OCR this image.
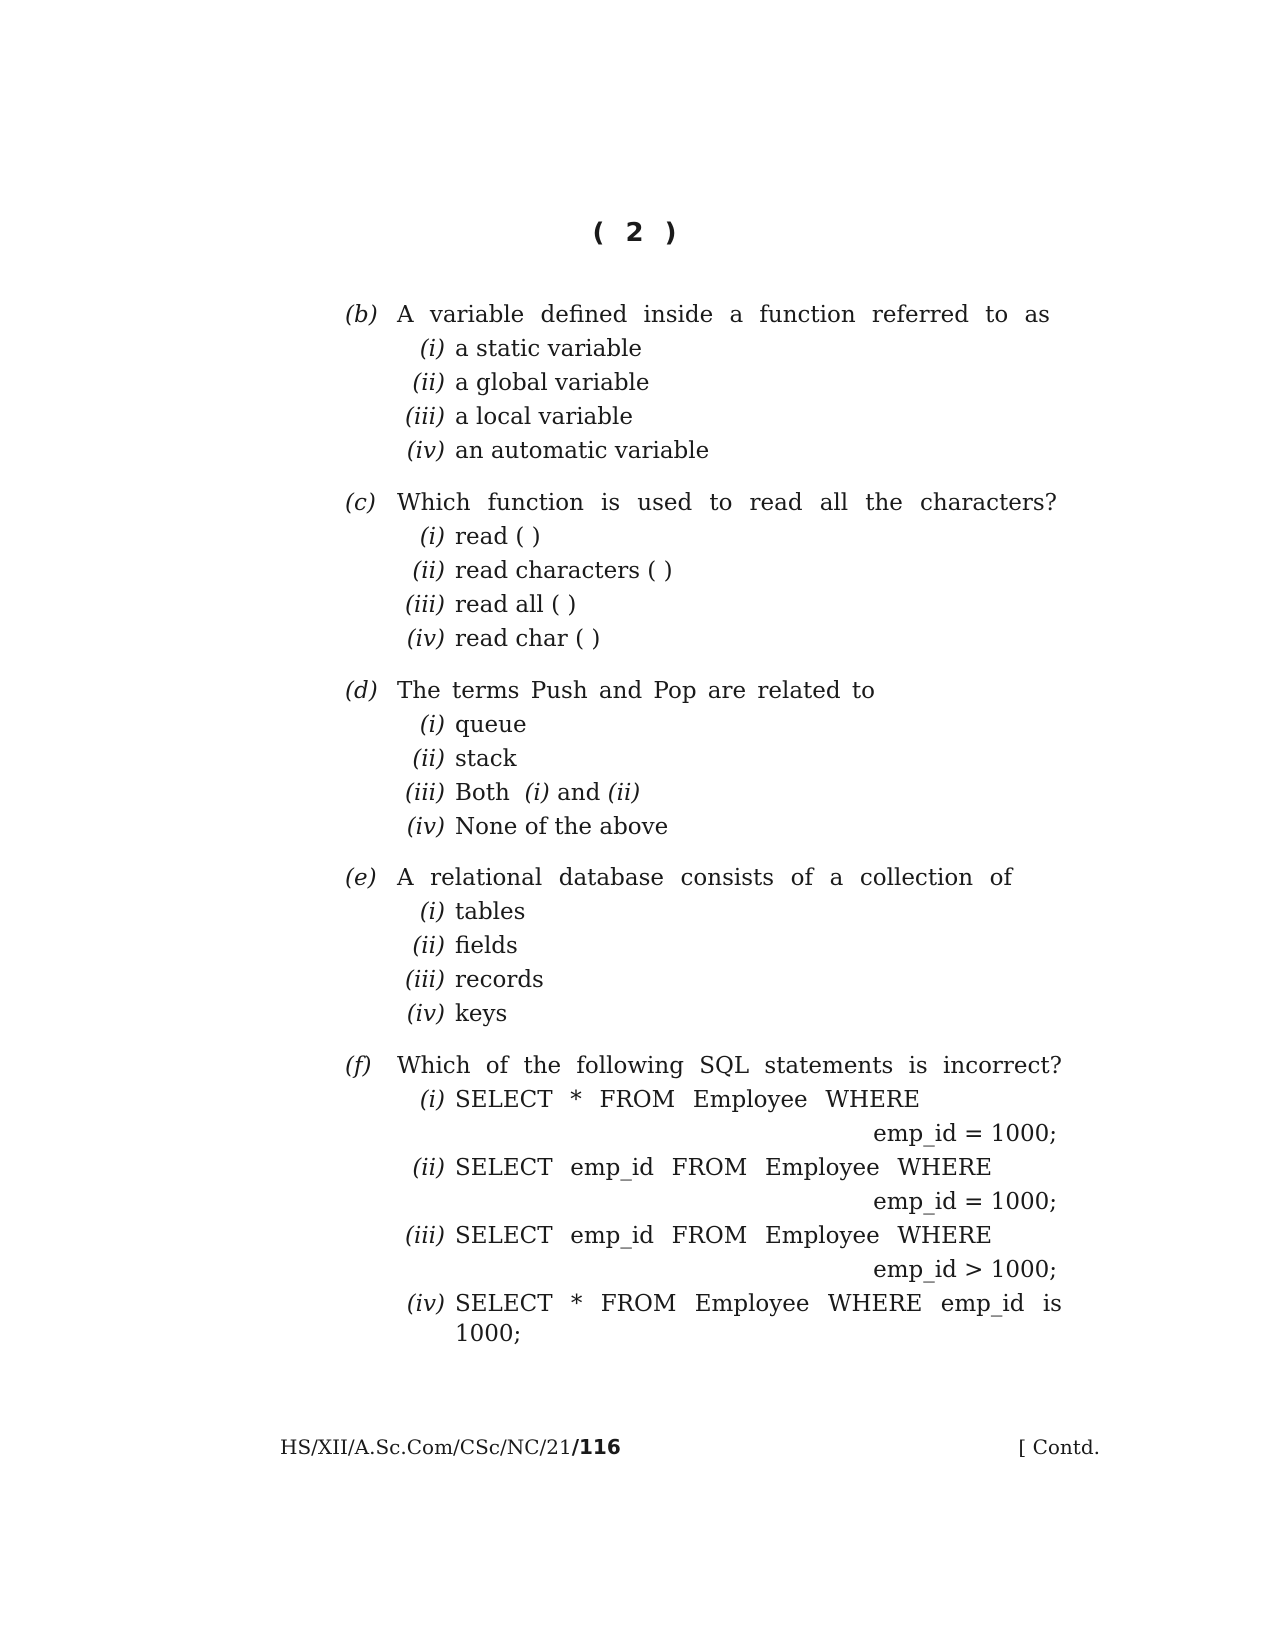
( 2 )
(b) A variable defined inside a function referred to as
(i) a static variable
(ii) a global variable
(iii) a local variable
(iv) an automatic variable
(c) Which function is used to read all the characters?
(i) read ( )
(ii) read characters ( )
(iii) read all ( )
(iv) read char ( )
(d) The terms Push and Pop are related to
(i) queue
(ii) stack
(iii) Both (i) and (ii)
(iv) None of the above
(e) A relational database consists of a collection of
(i) tables
(ii) fields
(iii) records
(iv) keys
(f) Which of the following SQL statements is incorrect?
(i) SELECT * FROM Employee WHERE
emp_id = 1000;
(ii) SELECT emp_id FROM Employee WHERE
emp_id = 1000;
(iii) SELECT emp_id FROM Employee WHERE
emp_id > 1000;
(iv) SELECT * FROM Employee WHERE emp_id is
1000;
HS/XII/A.Sc.Com/CSc/NC/21/116	[ Contd.
